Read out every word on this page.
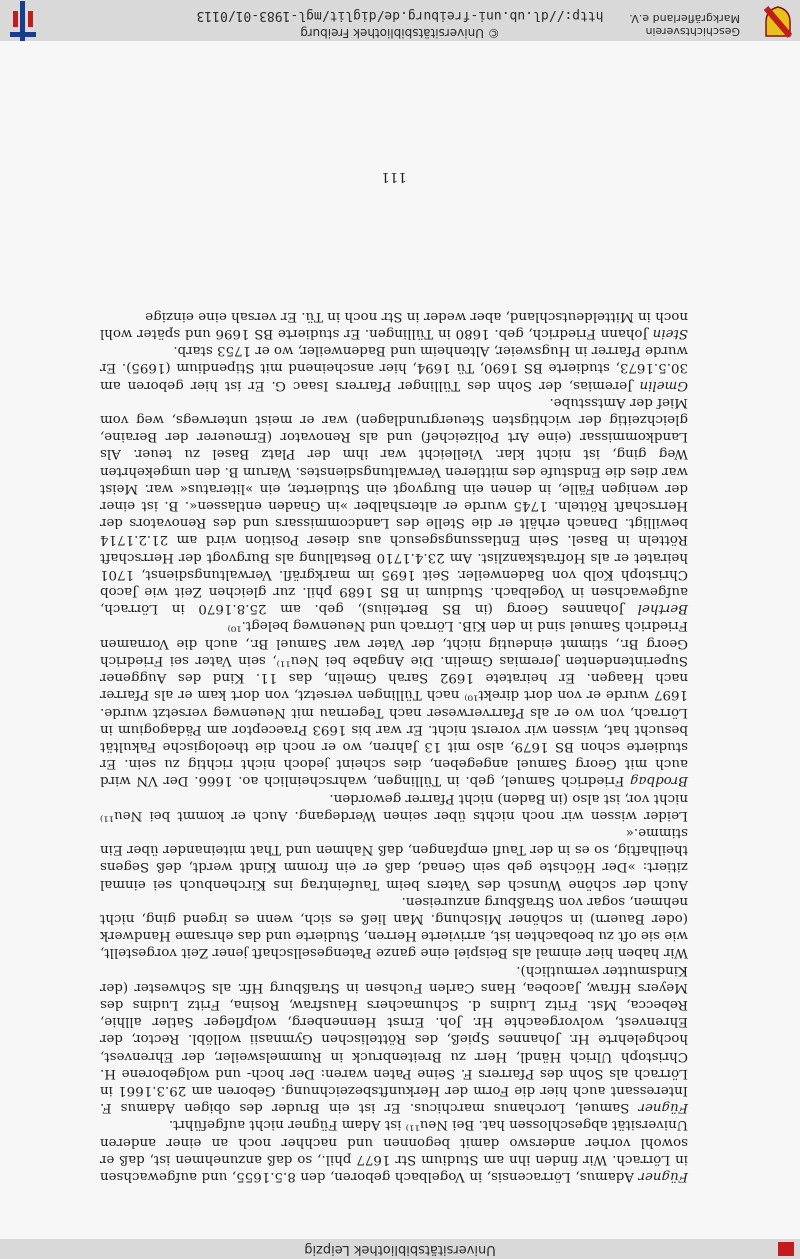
Universitätsbibliothek Leipzig

Fügner Adamus, Lörracensis, in Vogelbach geboren, den 8.5.1655, und aufgewachsen in Lörrach. Wir finden ihn am Studium Str 1677 phil., so daß anzunehmen ist, daß er sowohl vorher anderswo damit begonnen und nachher noch an einer anderen Universität abgeschlossen hat. Bei Neu¹¹⁾ ist Adam Fügner nicht aufgeführt.

Fügner Samuel, Lorchanus marchicus. Er ist ein Bruder des obigen Adamus F. Interessant auch hier die Form der Herkunftsbezeichnung. Geboren am 29.3.1661 in Lörrach als Sohn des Pfarrers F. Seine Paten waren: Der hoch- und wolgeborene H. Christoph Ulrich Händl, Herr zu Breitenbruck in Rummelsweiler, der Ehrenvest, hochgelehrte Hr. Johannes Spieß, des Röttelischen Gymnasii wollöbl. Rector, der Ehrenvest, wolvorgeachte Hr. Joh. Ernst Hennenberg, wolpfleger Satler allhie, Rebecca, Mst. Fritz Ludins d. Schumachers Hausfraw, Rosina, Fritz Ludins des Meyers Hfraw, Jacobea, Hans Carlen Fuchsen in Straßburg Hfr. als Schwester (der Kindsmutter vermutlich).

Wir haben hier einmal als Beispiel eine ganze Patengesellschaft jener Zeit vorgestellt, wie sie oft zu beobachten ist, arrivierte Herren, Studierte und das ehrsame Handwerk (oder Bauern) in schöner Mischung. Man ließ es sich, wenn es irgend ging, nicht nehmen, sogar von Straßburg anzureisen.

Auch der schöne Wunsch des Vaters beim Taufeintrag ins Kirchenbuch sei einmal zitiert: »Der Höchste geb sein Genad, daß er ein fromm Kindt werdt, deß Segens theilhaftig, so es in der Taufl empfangen, daß Nahmen und That miteinander über Ein stimme.«

Leider wissen wir noch nichts über seinen Werdegang. Auch er kommt bei Neu¹¹⁾ nicht vor, ist also (in Baden) nicht Pfarrer geworden.

Brodbag Friedrich Samuel, geb. in Tüllingen, wahrscheinlich ao. 1666. Der VN wird auch mit Georg Samuel angegeben, dies scheint jedoch nicht richtig zu sein. Er studierte schon BS 1679, also mit 13 Jahren, wo er noch die theologische Fakultät besucht hat, wissen wir vorerst nicht. Er war bis 1693 Praeceptor am Pädagogium in Lörrach, von wo er als Pfarrverweser nach Tegernau mit Neuenweg versetzt wurde. 1697 wurde er von dort direkt¹⁰⁾ nach Tüllingen versetzt, von dort kam er als Pfarrer nach Haagen. Er heiratete 1692 Sarah Gmelin, das 11. Kind des Auggener Superintendenten Jeremias Gmelin. Die Angabe bei Neu¹¹⁾, sein Vater sei Friedrich Georg Br., stimmt eindeutig nicht, der Vater war Samuel Br., auch die Vornamen Friedrich Samuel sind in den KiB. Lörrach und Neuenweg belegt.¹⁰⁾

Berthel Johannes Georg (in BS Bertelius), geb. am 25.8.1670 in Lörrach, aufgewachsen in Vogelbach. Studium in BS 1689 phil. zur gleichen Zeit wie Jacob Christoph Kolb von Badenweiler. Seit 1695 im markgräfl. Verwaltungsdienst, 1701 heiratet er als Hofratskanzlist. Am 23.4.1710 Bestallung als Burgvogt der Herrschaft Rötteln in Basel. Sein Entlassungsgesuch aus dieser Position wird am 21.2.1714 bewilligt. Danach erhält er die Stelle des Landcommissars und des Renovators der Herrschaft Rötteln. 1745 wurde er altershalber »in Gnaden entlassen«. B. ist einer der wenigen Fälle, in denen ein Burgvogt ein Studierter, ein »literatus« war. Meist war dies die Endstufe des mittleren Verwaltungsdienstes. Warum B. den umgekehrten Weg ging, ist nicht klar. Vielleicht war ihm der Platz Basel zu teuer. Als Landkommissar (eine Art Polizeichef) und als Renovator (Erneuerer der Beraine, gleichzeitig der wichtigsten Steuergrundlagen) war er meist unterwegs, weg vom Mief der Amtsstube.

Gmelin Jeremias, der Sohn des Tüllinger Pfarrers Isaac G. Er ist hier geboren am 30.5.1673, studierte BS 1690, Tü 1694, hier anscheinend mit Stipendium (1695). Er wurde Pfarrer in Hugsweier, Altenheim und Badenweiler, wo er 1753 starb.

Stein Johann Friedrich, geb. 1680 in Tüllingen. Er studierte BS 1696 und später wohl noch in Mitteldeutschland, aber weder in Str noch in Tü. Er versah eine einzige

111
Geschichtsverein
Markgräflerland e.V.
© Universitätsbibliothek Freiburg
http://dl.ub.uni-freiburg.de/diglit/mgl-1983-01/0113
